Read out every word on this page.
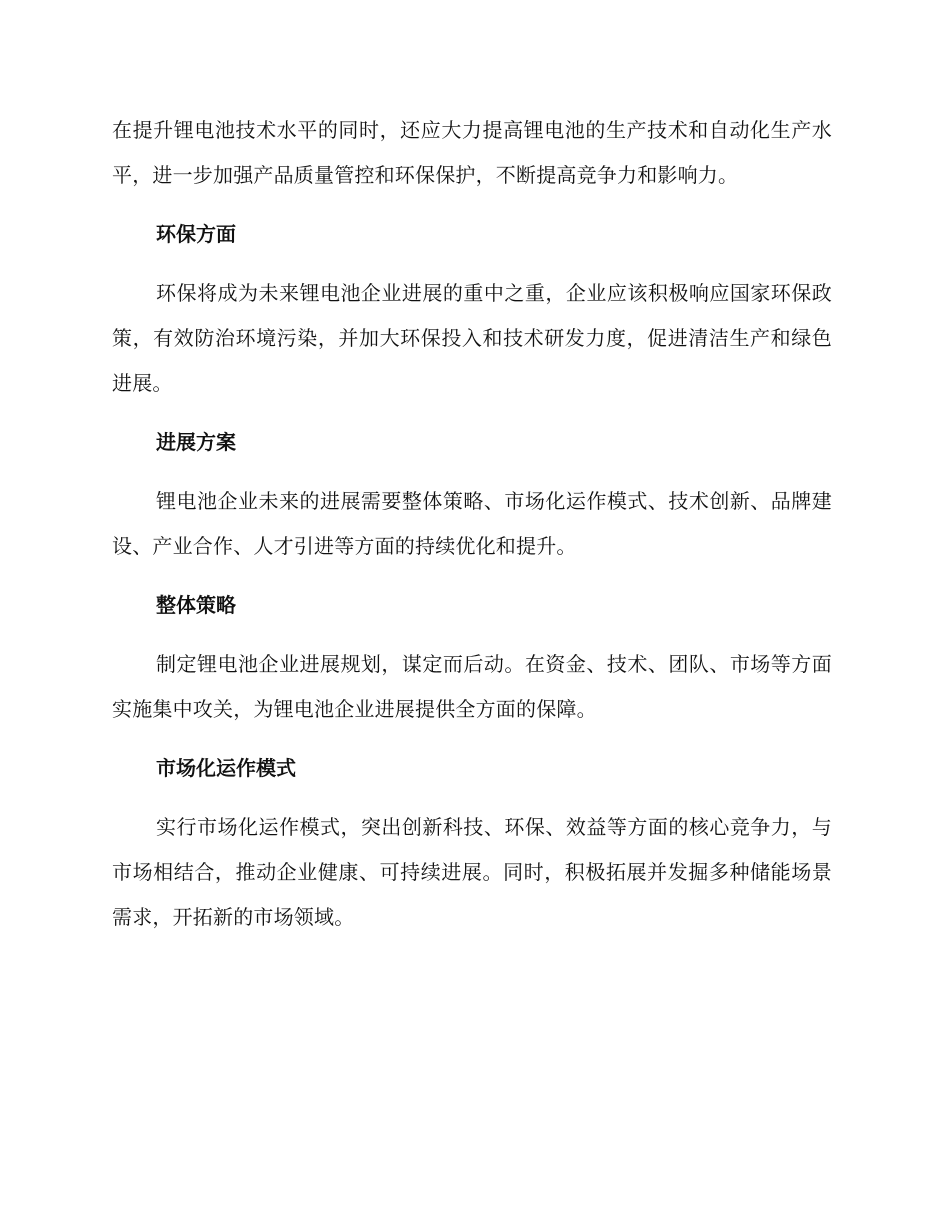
在提升锂电池技术水平的同时，还应大力提高锂电池的生产技术和自动化生产水平，进一步加强产品质量管控和环保保护，不断提高竞争力和影响力。

环保方面

环保将成为未来锂电池企业进展的重中之重，企业应该积极响应国家环保政策，有效防治环境污染，并加大环保投入和技术研发力度，促进清洁生产和绿色进展。

进展方案

锂电池企业未来的进展需要整体策略、市场化运作模式、技术创新、品牌建设、产业合作、人才引进等方面的持续优化和提升。

整体策略

制定锂电池企业进展规划，谋定而后动。在资金、技术、团队、市场等方面实施集中攻关，为锂电池企业进展提供全方面的保障。

市场化运作模式

实行市场化运作模式，突出创新科技、环保、效益等方面的核心竞争力，与市场相结合，推动企业健康、可持续进展。同时，积极拓展并发掘多种储能场景需求，开拓新的市场领域。
